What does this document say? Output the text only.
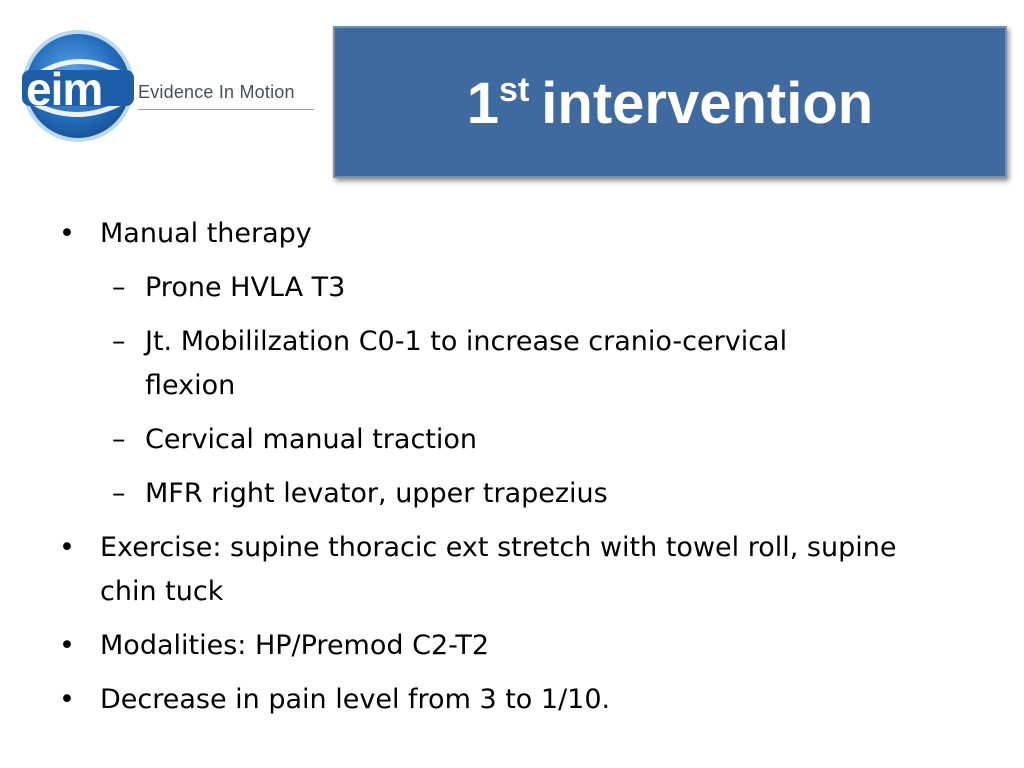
eim Evidence In Motion	1st intervention
• Manual therapy
– Prone HVLA T3
– Jt. Mobililzation C0-1 to increase cranio-cervical flexion
– Cervical manual traction
– MFR right levator, upper trapezius
• Exercise: supine thoracic ext stretch with towel roll, supine chin tuck
• Modalities: HP/Premod C2-T2
• Decrease in pain level from 3 to 1/10.
